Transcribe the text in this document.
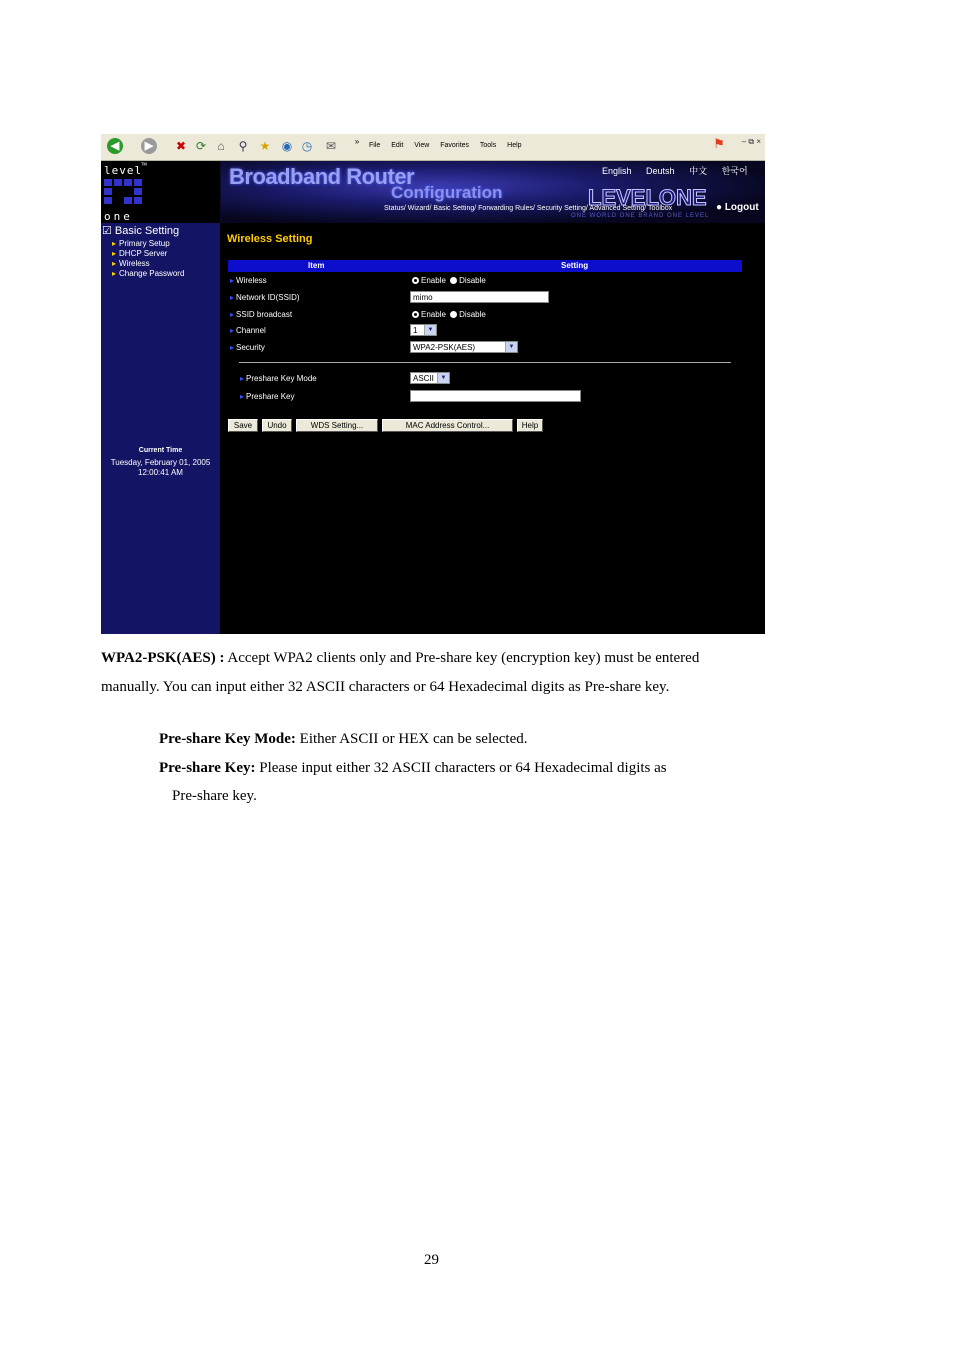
◀	▶	✖ ⟳ ⌂	⚲	★ ◉ ◷ ✉	»	File Edit View Favorites Tools Help	⚑ – ⧉ ×
Broadband Router
Configuration
English Deutsh 中文 한국어
LEVELONE
Status/ Wizard/ Basic Setting/ Forwarding Rules/ Security Setting/ Advanced Setting/ Toolbox	● Logout
ONE WORLD ONE BRAND ONE LEVEL
level
ᵀᴹ
one
☑ Basic Setting
▸ Primary Setup
▸ DHCP Server
▸ Wireless
▸ Change Password
Current Time
Tuesday, February 01, 2005
12:00:41 AM
Wireless Setting
Item	Setting
▸ Wireless	Enable Disable
▸ Network ID(SSID)	mimo
▸ SSID broadcast	Enable Disable
▸ Channel	1	▼
▸ Security	WPA2-PSK(AES)	▼
▸ Preshare Key Mode	ASCII	▼
▸ Preshare Key
Save	Undo	WDS Setting...	MAC Address Control...	Help
WPA2-PSK(AES) : Accept WPA2 clients only and Pre-share key (encryption key) must be entered
manually. You can input either 32 ASCII characters or 64 Hexadecimal digits as Pre-share key.
Pre-share Key Mode: Either ASCII or HEX can be selected.
Pre-share Key: Please input either 32 ASCII characters or 64 Hexadecimal digits as
Pre-share key.
29
